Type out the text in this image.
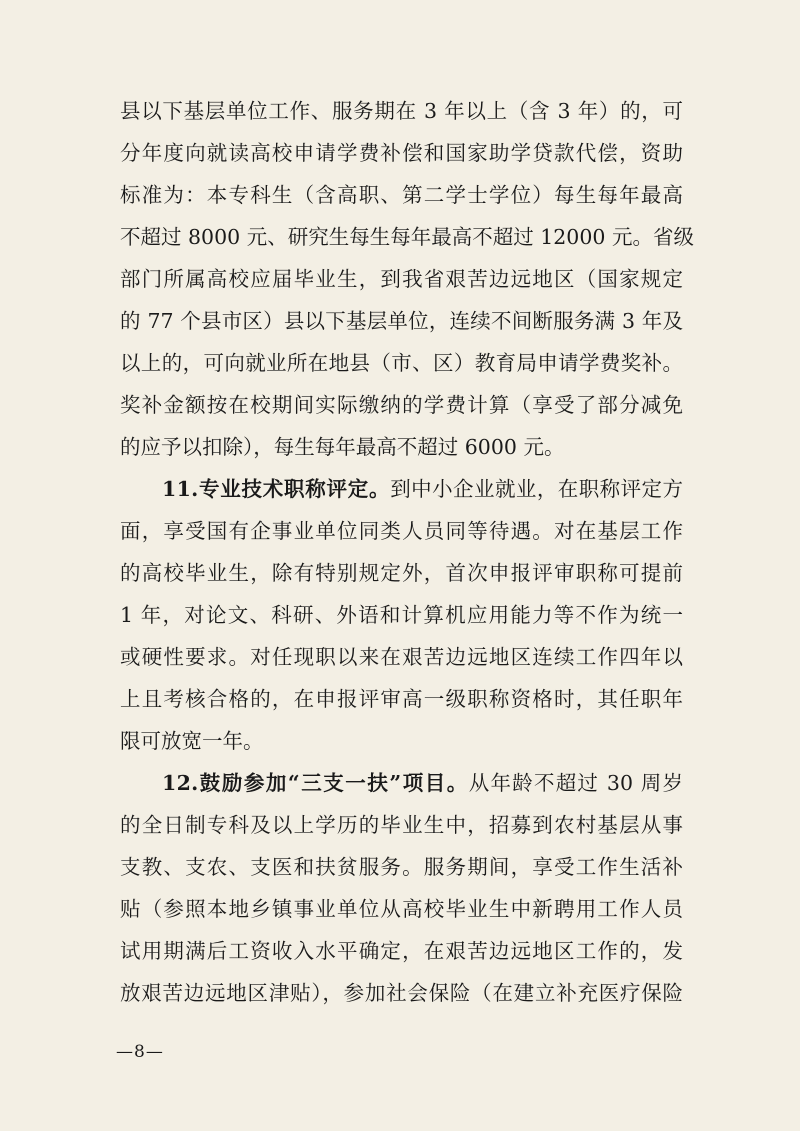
县以下基层单位工作、服务期在 3 年以上（含 3 年）的，可
分年度向就读高校申请学费补偿和国家助学贷款代偿，资助
标准为：本专科生（含高职、第二学士学位）每生每年最高
不超过 8000 元、研究生每生每年最高不超过 12000 元。省级
部门所属高校应届毕业生，到我省艰苦边远地区（国家规定
的 77 个县市区）县以下基层单位，连续不间断服务满 3 年及
以上的，可向就业所在地县（市、区）教育局申请学费奖补。
奖补金额按在校期间实际缴纳的学费计算（享受了部分减免
的应予以扣除），每生每年最高不超过 6000 元。
11.专业技术职称评定。到中小企业就业，在职称评定方
面，享受国有企事业单位同类人员同等待遇。对在基层工作
的高校毕业生，除有特别规定外，首次申报评审职称可提前
1 年，对论文、科研、外语和计算机应用能力等不作为统一
或硬性要求。对任现职以来在艰苦边远地区连续工作四年以
上且考核合格的，在申报评审高一级职称资格时，其任职年
限可放宽一年。
12.鼓励参加“三支一扶”项目。从年龄不超过 30 周岁
的全日制专科及以上学历的毕业生中，招募到农村基层从事
支教、支农、支医和扶贫服务。服务期间，享受工作生活补
贴（参照本地乡镇事业单位从高校毕业生中新聘用工作人员
试用期满后工资收入水平确定，在艰苦边远地区工作的，发
放艰苦边远地区津贴），参加社会保险（在建立补充医疗保险
—8—
